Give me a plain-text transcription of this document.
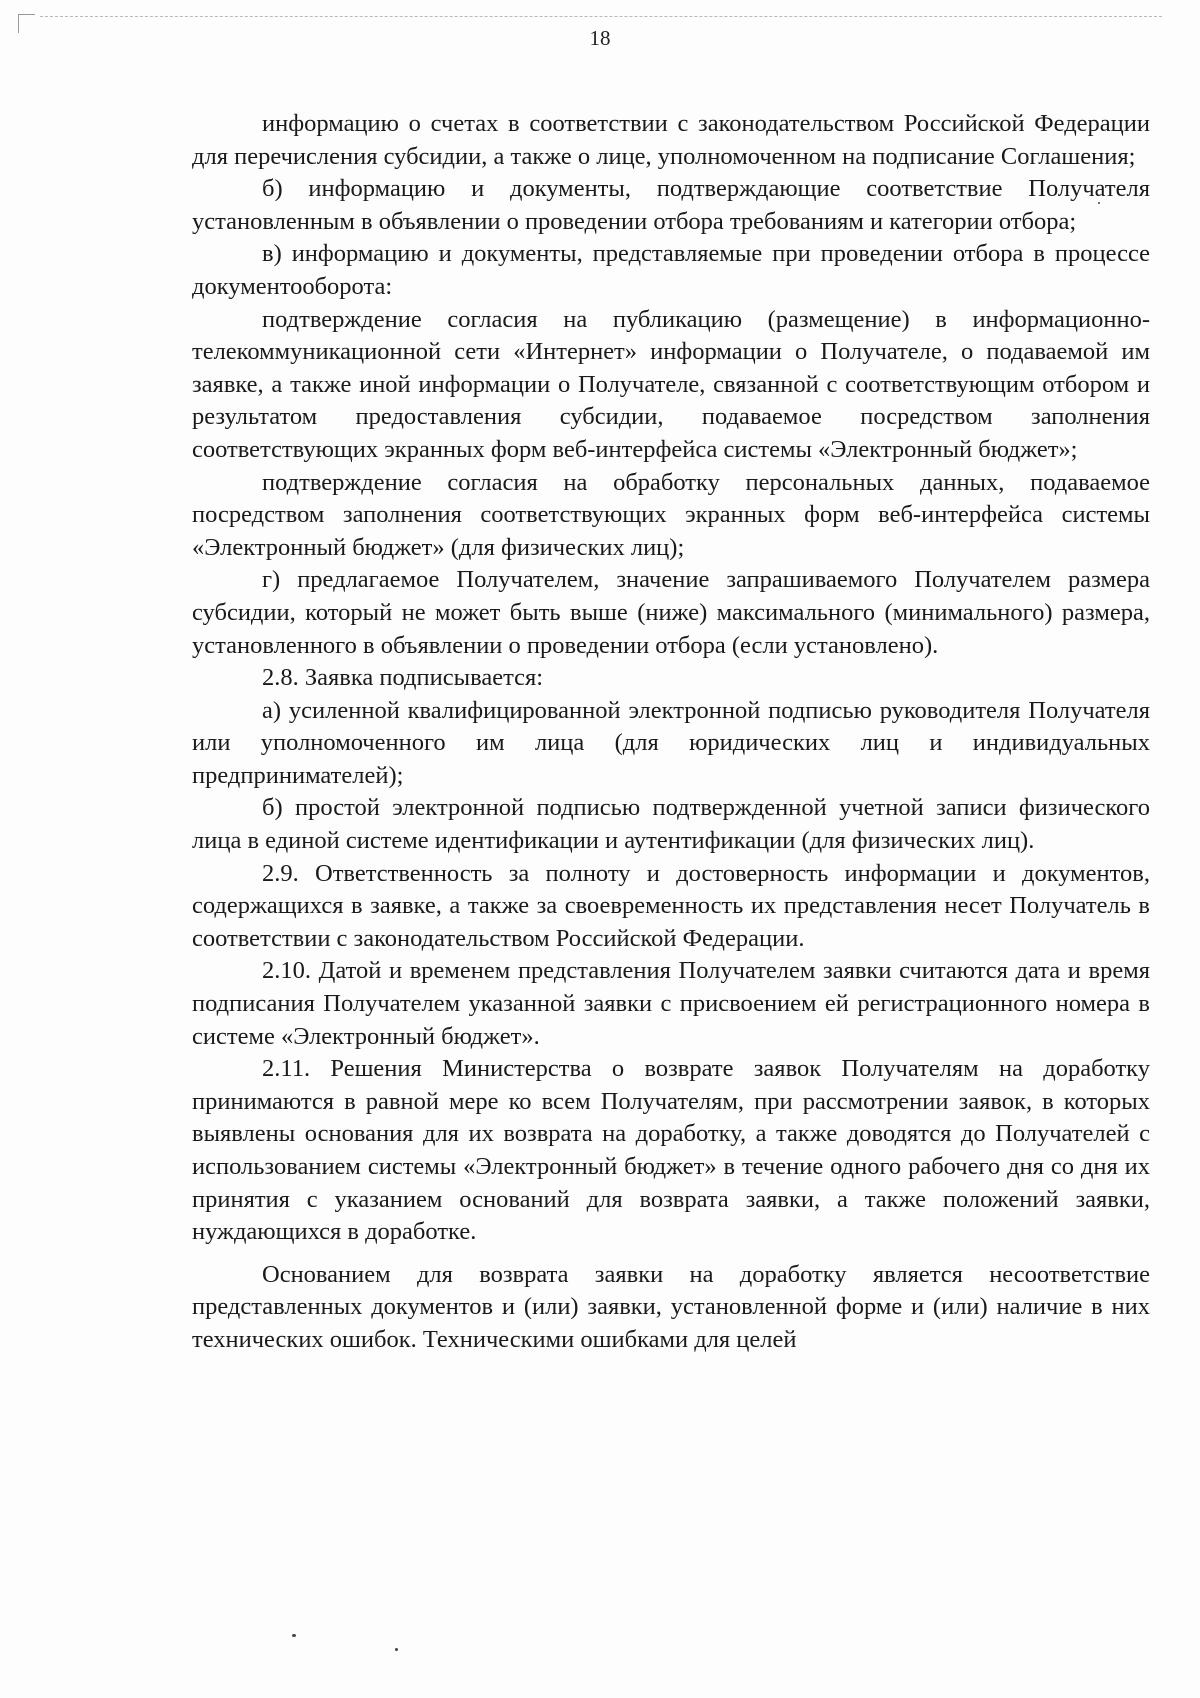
18

информацию о счетах в соответствии с законодательством Российской Федерации для перечисления субсидии, а также о лице, уполномоченном на подписание Соглашения;

б) информацию и документы, подтверждающие соответствие Получателя установленным в объявлении о проведении отбора требованиям и категории отбора;

в) информацию и документы, представляемые при проведении отбора в процессе документооборота:

подтверждение согласия на публикацию (размещение) в информационно-телекоммуникационной сети «Интернет» информации о Получателе, о подаваемой им заявке, а также иной информации о Получателе, связанной с соответствующим отбором и результатом предоставления субсидии, подаваемое посредством заполнения соответствующих экранных форм веб-интерфейса системы «Электронный бюджет»;

подтверждение согласия на обработку персональных данных, подаваемое посредством заполнения соответствующих экранных форм веб-интерфейса системы «Электронный бюджет» (для физических лиц);

г) предлагаемое Получателем, значение запрашиваемого Получателем размера субсидии, который не может быть выше (ниже) максимального (минимального) размера, установленного в объявлении о проведении отбора (если установлено).

2.8. Заявка подписывается:

а) усиленной квалифицированной электронной подписью руководителя Получателя или уполномоченного им лица (для юридических лиц и индивидуальных предпринимателей);

б) простой электронной подписью подтвержденной учетной записи физического лица в единой системе идентификации и аутентификации (для физических лиц).

2.9. Ответственность за полноту и достоверность информации и документов, содержащихся в заявке, а также за своевременность их представления несет Получатель в соответствии с законодательством Российской Федерации.

2.10. Датой и временем представления Получателем заявки считаются дата и время подписания Получателем указанной заявки с присвоением ей регистрационного номера в системе «Электронный бюджет».

2.11. Решения Министерства о возврате заявок Получателям на доработку принимаются в равной мере ко всем Получателям, при рассмотрении заявок, в которых выявлены основания для их возврата на доработку, а также доводятся до Получателей с использованием системы «Электронный бюджет» в течение одного рабочего дня со дня их принятия с указанием оснований для возврата заявки, а также положений заявки, нуждающихся в доработке.

Основанием для возврата заявки на доработку является несоответствие представленных документов и (или) заявки, установленной форме и (или) наличие в них технических ошибок. Техническими ошибками для целей
